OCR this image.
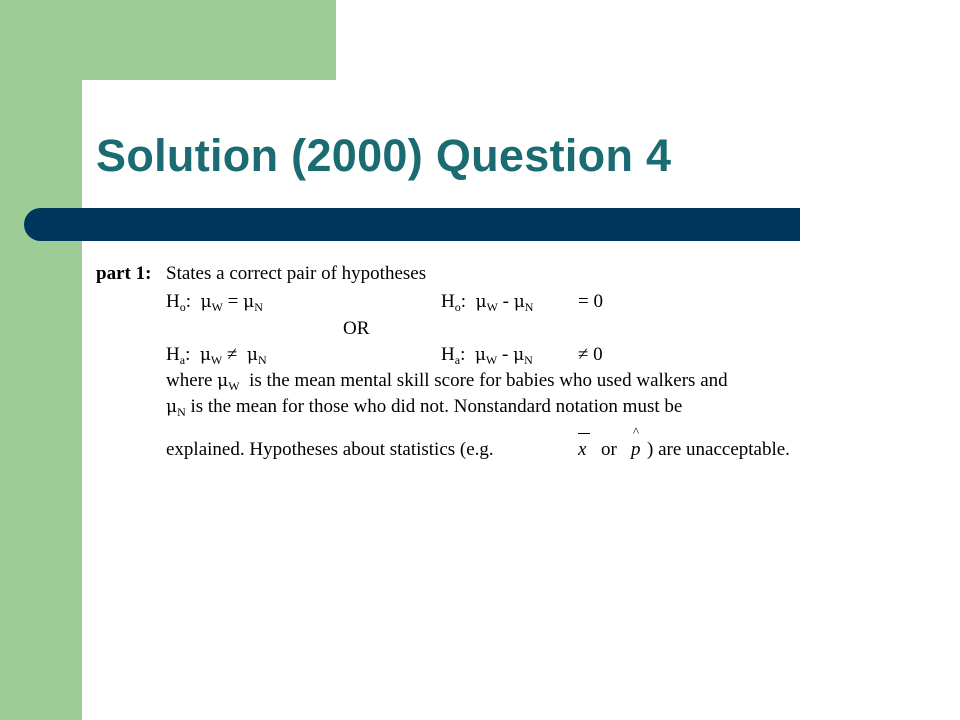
Solution (2000) Question 4
part 1: States a correct pair of hypotheses
$H_o$: $\mu_W = \mu_N$	$H_o$: $\mu_W - \mu_N = 0$
OR
$H_a$: $\mu_W \ne \mu_N$	$H_a$: $\mu_W - \mu_N \ne 0$
where $\mu_W$ is the mean mental skill score for babies who used walkers and
$\mu_N$ is the mean for those who did not. Nonstandard notation must be
explained. Hypotheses about statistics (e.g.	x or
^
p ) are unacceptable.
